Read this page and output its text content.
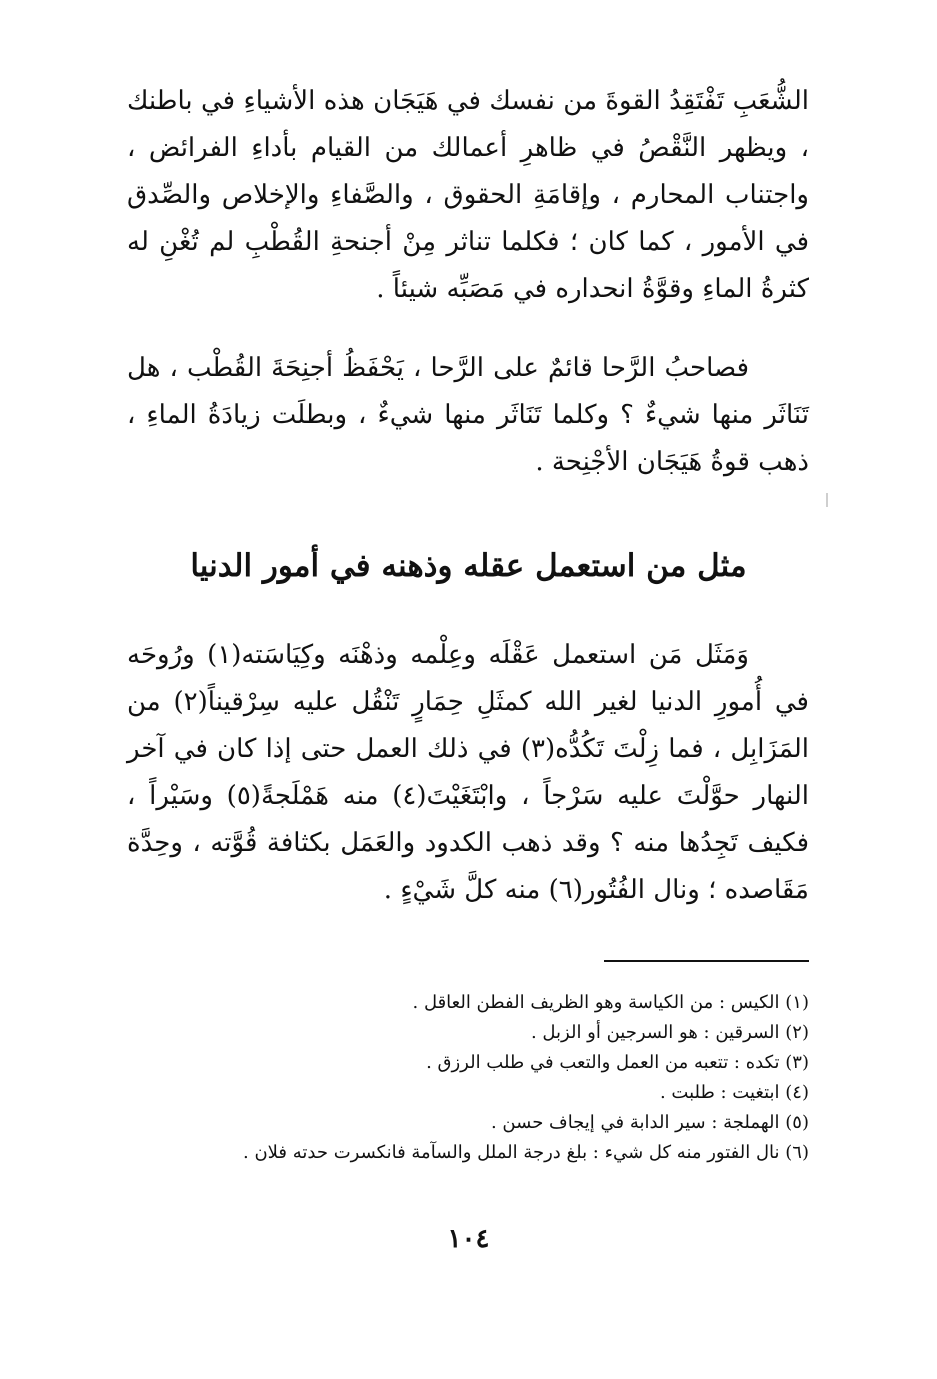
الشُّعَبِ تَفْتَقِدُ القوةَ من نفسك في هَيَجَان هذه الأشياءِ في باطنك ، ويظهر النَّقْصُ في ظاهرِ أعمالك من القيام بأداءِ الفرائض ، واجتناب المحارم ، وإقامَةِ الحقوق ، والصَّفاءِ والإخلاص والصِّدق في الأمور ، كما كان ؛ فكلما تناثر مِنْ أجنحةِ القُطْبِ لم تُغْنِ له كثرةُ الماءِ وقوَّةُ انحداره في مَصَبِّه شيئاً .

فصاحبُ الرَّحا قائمٌ على الرَّحا ، يَحْفَظُ أجنِحَةَ القُطْب ، هل تَنَاثَر منها شيءٌ ؟ وكلما تَنَاثَر منها شيءٌ ، وبطلَت زيادَةُ الماءِ ، ذهب قوةُ هَيَجَان الأجْنِحة .

مثل من استعمل عقله وذهنه في أمور الدنيا

وَمَثَل مَن استعمل عَقْلَه وعِلْمه وذهْنَه وكِيَاسَته(١) ورُوحَه في أُمورِ الدنيا لغير الله كمثَلِ حِمَارٍ تَنْقُل عليه سِرْقيناً(٢) من المَزَابِل ، فما زِلْتَ تَكُدُّه(٣) في ذلك العمل حتى إذا كان في آخر النهار حوَّلْتَ عليه سَرْجاً ، وابْتَغَيْتَ(٤) منه هَمْلَجةً(٥) وسَيْراً ، فكيف تَجِدُها منه ؟ وقد ذهب الكدود والعَمَل بكثافة قُوَّته ، وحِدَّة مَقَاصده ؛ ونال الفُتُور(٦) منه كلَّ شَيْءٍ .

(١) الكيس : من الكياسة وهو الظريف الفطن العاقل .
(٢) السرقين : هو السرجين أو الزبل .
(٣) تكده : تتعبه من العمل والتعب في طلب الرزق .
(٤) ابتغيت : طلبت .
(٥) الهملجة : سير الدابة في إيجاف حسن .
(٦) نال الفتور منه كل شيء : بلغ درجة الملل والسآمة فانكسرت حدته فلان .
١٠٤
